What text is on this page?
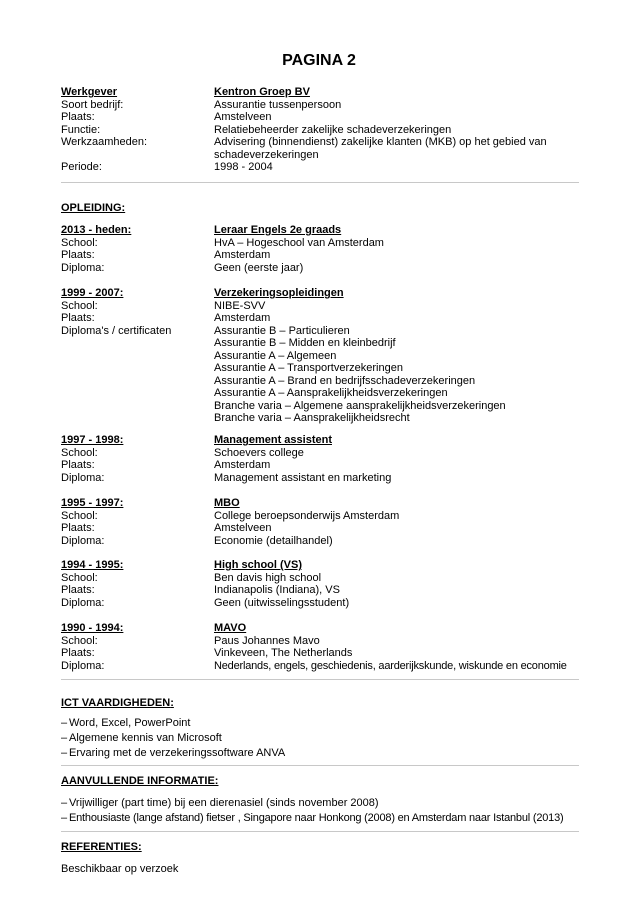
PAGINA 2
Werkgever	Kentron Groep BV
Soort bedrijf:	Assurantie tussenpersoon
Plaats:	Amstelveen
Functie:	Relatiebeheerder zakelijke schadeverzekeringen
Werkzaamheden:	Advisering (binnendienst) zakelijke klanten (MKB) op het gebied van
schadeverzekeringen
Periode:	1998 - 2004
OPLEIDING:
2013 - heden:	Leraar Engels 2e graads
School:	HvA – Hogeschool van Amsterdam
Plaats:	Amsterdam
Diploma:	Geen (eerste jaar)
1999 - 2007:	Verzekeringsopleidingen
School:	NIBE-SVV
Plaats:	Amsterdam
Diploma's / certificaten	Assurantie B – Particulieren
Assurantie B – Midden en kleinbedrijf
Assurantie A – Algemeen
Assurantie A – Transportverzekeringen
Assurantie A – Brand en bedrijfsschadeverzekeringen
Assurantie A – Aansprakelijkheidsverzekeringen
Branche varia – Algemene aansprakelijkheidsverzekeringen
Branche varia – Aansprakelijkheidsrecht
1997 - 1998:	Management assistent
School:	Schoevers college
Plaats:	Amsterdam
Diploma:	Management assistant en marketing
1995 - 1997:	MBO
School:	College beroepsonderwijs Amsterdam
Plaats:	Amstelveen
Diploma:	Economie (detailhandel)
1994 - 1995:	High school (VS)
School:	Ben davis high school
Plaats:	Indianapolis (Indiana), VS
Diploma:	Geen (uitwisselingsstudent)
1990 - 1994:	MAVO
School:	Paus Johannes Mavo
Plaats:	Vinkeveen, The Netherlands
Diploma:	Nederlands, engels, geschiedenis, aarderijkskunde, wiskunde en economie
ICT VAARDIGHEDEN:
– Word, Excel, PowerPoint
– Algemene kennis van Microsoft
– Ervaring met de verzekeringssoftware ANVA
AANVULLENDE INFORMATIE:
– Vrijwilliger (part time) bij een dierenasiel (sinds november 2008)
– Enthousiaste (lange afstand) fietser , Singapore naar Honkong (2008) en Amsterdam naar Istanbul (2013)
REFERENTIES:
Beschikbaar op verzoek
